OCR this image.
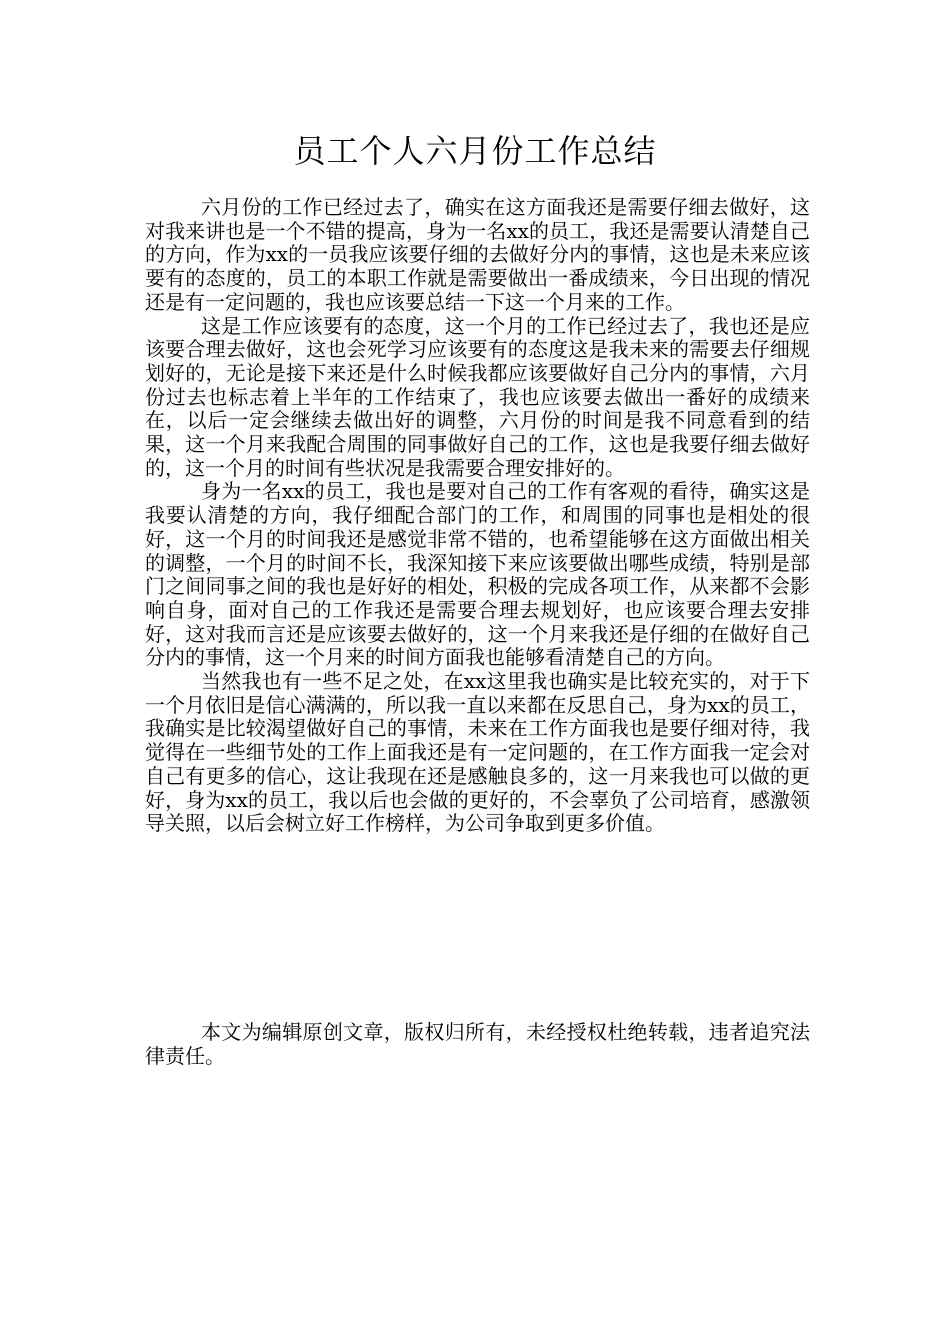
员工个人六月份工作总结

六月份的工作已经过去了，确实在这方面我还是需要仔细去做好，这对我来讲也是一个不错的提高，身为一名xx的员工，我还是需要认清楚自己的方向，作为xx的一员我应该要仔细的去做好分内的事情，这也是未来应该要有的态度的，员工的本职工作就是需要做出一番成绩来，今日出现的情况还是有一定问题的，我也应该要总结一下这一个月来的工作。

这是工作应该要有的态度，这一个月的工作已经过去了，我也还是应该要合理去做好，这也会死学习应该要有的态度这是我未来的需要去仔细规划好的，无论是接下来还是什么时候我都应该要做好自己分内的事情，六月份过去也标志着上半年的工作结束了，我也应该要去做出一番好的成绩来在，以后一定会继续去做出好的调整，六月份的时间是我不同意看到的结果，这一个月来我配合周围的同事做好自己的工作，这也是我要仔细去做好的，这一个月的时间有些状况是我需要合理安排好的。

身为一名xx的员工，我也是要对自己的工作有客观的看待，确实这是我要认清楚的方向，我仔细配合部门的工作，和周围的同事也是相处的很好，这一个月的时间我还是感觉非常不错的，也希望能够在这方面做出相关的调整，一个月的时间不长，我深知接下来应该要做出哪些成绩，特别是部门之间同事之间的我也是好好的相处，积极的完成各项工作，从来都不会影响自身，面对自己的工作我还是需要合理去规划好，也应该要合理去安排好，这对我而言还是应该要去做好的，这一个月来我还是仔细的在做好自己分内的事情，这一个月来的时间方面我也能够看清楚自己的方向。

当然我也有一些不足之处，在xx这里我也确实是比较充实的，对于下一个月依旧是信心满满的，所以我一直以来都在反思自己，身为xx的员工，我确实是比较渴望做好自己的事情，未来在工作方面我也是要仔细对待，我觉得在一些细节处的工作上面我还是有一定问题的，在工作方面我一定会对自己有更多的信心，这让我现在还是感触良多的，这一月来我也可以做的更好，身为xx的员工，我以后也会做的更好的，不会辜负了公司培育，感激领导关照，以后会树立好工作榜样，为公司争取到更多价值。

本文为编辑原创文章，版权归所有，未经授权杜绝转载，违者追究法律责任。
